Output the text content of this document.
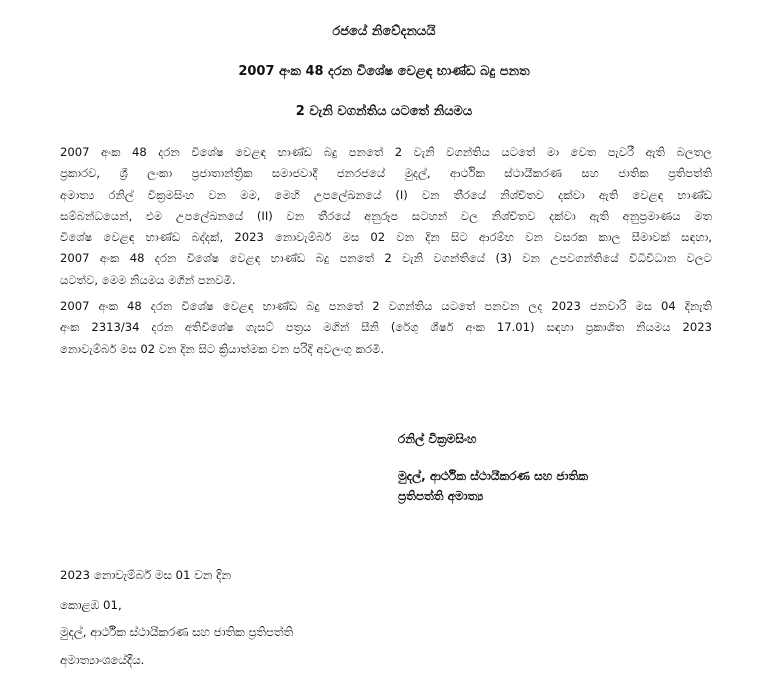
රජයේ නිවේදනයයි
2007 අංක 48 දරන විශේෂ වෙළඳ භාණ්ඩ බදු පනත
2 වැනි වගන්තිය යටතේ නියමය
2007 අංක 48 දරන විශේෂ වෙළඳ භාණ්ඩ බදු පනතේ 2 වැනි වගන්තිය යටතේ මා වෙත පැවරී ඇති බලතල
ප්‍රකාරව, ශ්‍රී ලංකා ප්‍රජාතාන්ත්‍රික සමාජවාදී ජනරජයේ මුදල්, ආර්ථික ස්ථායීකරණ සහ ජාතික ප්‍රතිපත්ති
අමාත්‍ය රනිල් වික්‍රමසිංහ වන මම, මෙහි උපලේඛනයේ (I) වන තීරයේ නිශ්චිතව දක්වා ඇති වෙළඳ භාණ්ඩ
සම්බන්ධයෙන්, එම උපලේඛනයේ (II) වන තීරයේ අනුරූප සටහන් වල නිශ්චිතව දක්වා ඇති අනුප්‍රමාණය මත
විශේෂ වෙළඳ භාණ්ඩ බද්දක්, 2023 නොවැම්බර් මස 02 වන දින සිට ආරම්භ වන වසරක කාල සීමාවක් සඳහා,
2007 අංක 48 දරන විශේෂ වෙළඳ භාණ්ඩ බදු පනතේ 2 වැනි වගන්තියේ (3) වන උපවගන්තියේ විධිවිධාන වලට
යටත්ව, මෙම නියමය මගින් පනවමි.
2007 අංක 48 දරන විශේෂ වෙළඳ භාණ්ඩ බදු පනතේ 2 වගන්තිය යටතේ පනවන ලද 2023 ජනවාරි මස 04 දිනැති
අංක 2313/34 දරන අතිවිශේෂ ගැසට් පත්‍රය මගින් සීනි (රේගු ශීර්ෂ අංක 17.01) සඳහා ප්‍රකාශිත නියමය 2023
නොවැම්බර් මස 02 වන දින සිට ක්‍රියාත්මක වන පරිදි අවලංගු කරමි.
රනිල් වික්‍රමසිංහ
මුදල්, ආර්ථික ස්ථායීකරණ සහ ජාතික
ප්‍රතිපත්ති අමාත්‍ය
2023 නොවැම්බර් මස 01 වන දින
කොළඹ 01,
මුදල්, ආර්ථික ස්ථායීකරණ සහ ජාතික ප්‍රතිපත්ති
අමාත්‍යාංශයේදීය.
